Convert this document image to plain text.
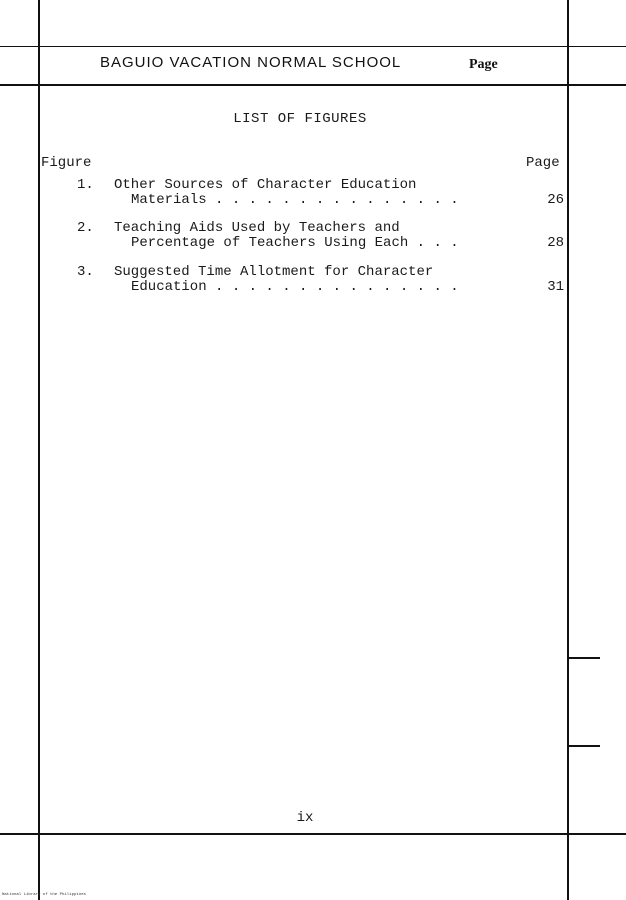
BAGUIO VACATION NORMAL SCHOOL	Page
LIST OF FIGURES
Figure	Page
1. Other Sources of Character Education
Materials . . . . . . . . . . . . . . .	26
2. Teaching Aids Used by Teachers and
Percentage of Teachers Using Each . . .	28
3. Suggested Time Allotment for Character
Education . . . . . . . . . . . . . . .	31
ix
National Library of the Philippines
